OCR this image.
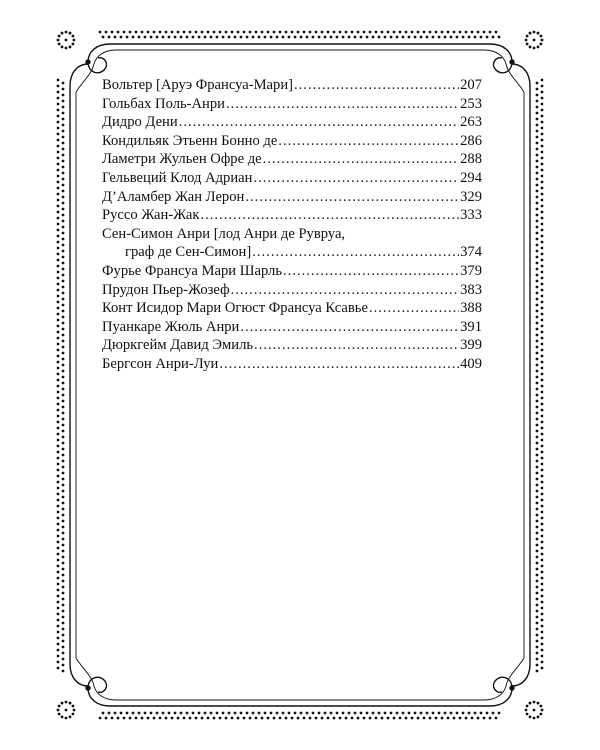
Вольтер [Аруэ Франсуа-Мари] .....	207
Гольбах Поль-Анри .....	253
Дидро Дени .....	263
Кондильяк Этьенн Бонно де .....	286
Ламетри Жульен Офре де .....	288
Гельвеций Клод Адриан .....	294
Д’Аламбер Жан Лерон .....	329
Руссо Жан-Жак .....	333
Сен-Симон Анри [лод Анри де Рувруа,
граф де Сен-Симон] .....	374
Фурье Франсуа Мари Шарль .....	379
Прудон Пьер-Жозеф .....	383
Конт Исидор Мари Огюст Франсуа Ксавье .....	388
Пуанкаре Жюль Анри .....	391
Дюркгейм Давид Эмиль .....	399
Бергсон Анри-Луи .....	409
